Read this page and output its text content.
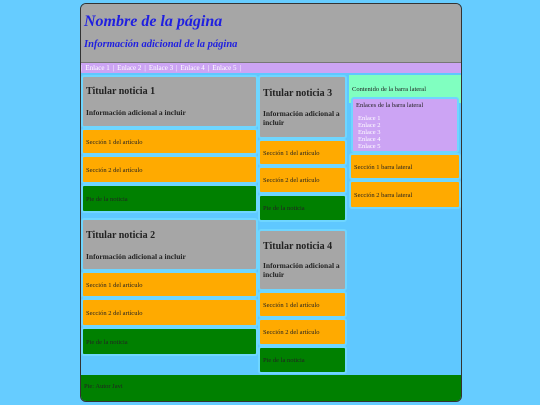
Nombre de la página
Información adicional de la página
| Enlace 1 | Enlace 2 | Enlace 3 | Enlace 4 | Enlace 5 |
Titular noticia 1
Información adicional a incluir
Sección 1 del artículo
Sección 2 del artículo
Pie de la noticia
Titular noticia 2
Información adicional a incluir
Sección 1 del artículo
Sección 2 del artículo
Pie de la noticia
Titular noticia 3
Información adicional a incluir
Sección 1 del artículo
Sección 2 del artículo
Pie de la noticia
Titular noticia 4
Información adicional a incluir
Sección 1 del artículo
Sección 2 del artículo
Pie de la noticia
Contenido de la barra lateral
Enlaces de la barra lateral
Enlace 1
Enlace 2
Enlace 3
Enlace 4
Enlace 5
Sección 1 barra lateral
Sección 2 barra lateral
Pie: Autor Javi
